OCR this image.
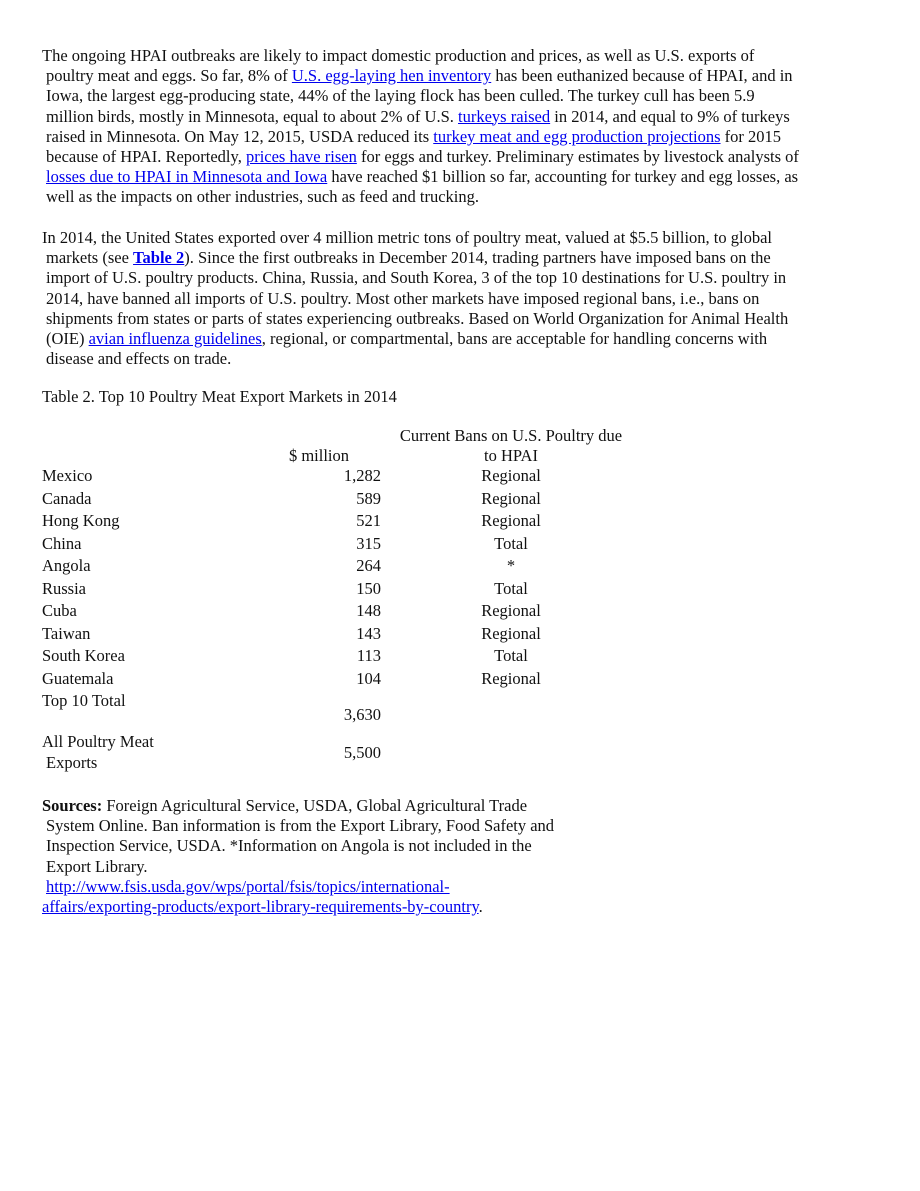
The ongoing HPAI outbreaks are likely to impact domestic production and prices, as well as U.S. exports of
poultry meat and eggs. So far, 8% of U.S. egg-laying hen inventory has been euthanized because of HPAI, and in
Iowa, the largest egg-producing state, 44% of the laying flock has been culled. The turkey cull has been 5.9
million birds, mostly in Minnesota, equal to about 2% of U.S. turkeys raised in 2014, and equal to 9% of turkeys
raised in Minnesota. On May 12, 2015, USDA reduced its turkey meat and egg production projections for 2015
because of HPAI. Reportedly, prices have risen for eggs and turkey. Preliminary estimates by livestock analysts of
losses due to HPAI in Minnesota and Iowa have reached $1 billion so far, accounting for turkey and egg losses, as
well as the impacts on other industries, such as feed and trucking.

In 2014, the United States exported over 4 million metric tons of poultry meat, valued at $5.5 billion, to global
markets (see Table 2). Since the first outbreaks in December 2014, trading partners have imposed bans on the
import of U.S. poultry products. China, Russia, and South Korea, 3 of the top 10 destinations for U.S. poultry in
2014, have banned all imports of U.S. poultry. Most other markets have imposed regional bans, i.e., bans on
shipments from states or parts of states experiencing outbreaks. Based on World Organization for Animal Health
(OIE) avian influenza guidelines, regional, or compartmental, bans are acceptable for handling concerns with
disease and effects on trade.

Table 2. Top 10 Poultry Meat Export Markets in 2014
	$ million	Current Bans on U.S. Poultry due
to HPAI
Mexico	1,282	Regional
Canada	589	Regional
Hong Kong	521	Regional
China	315	Total
Angola	264	*
Russia	150	Total
Cuba	148	Regional
Taiwan	143	Regional
South Korea	113	Total
Guatemala	104	Regional
Top 10 Total	3,630	
All Poultry Meat
Exports	5,500	
Sources: Foreign Agricultural Service, USDA, Global Agricultural Trade
System Online. Ban information is from the Export Library, Food Safety and
Inspection Service, USDA. *Information on Angola is not included in the
Export Library.
http://www.fsis.usda.gov/wps/portal/fsis/topics/international-
affairs/exporting-products/export-library-requirements-by-country.
